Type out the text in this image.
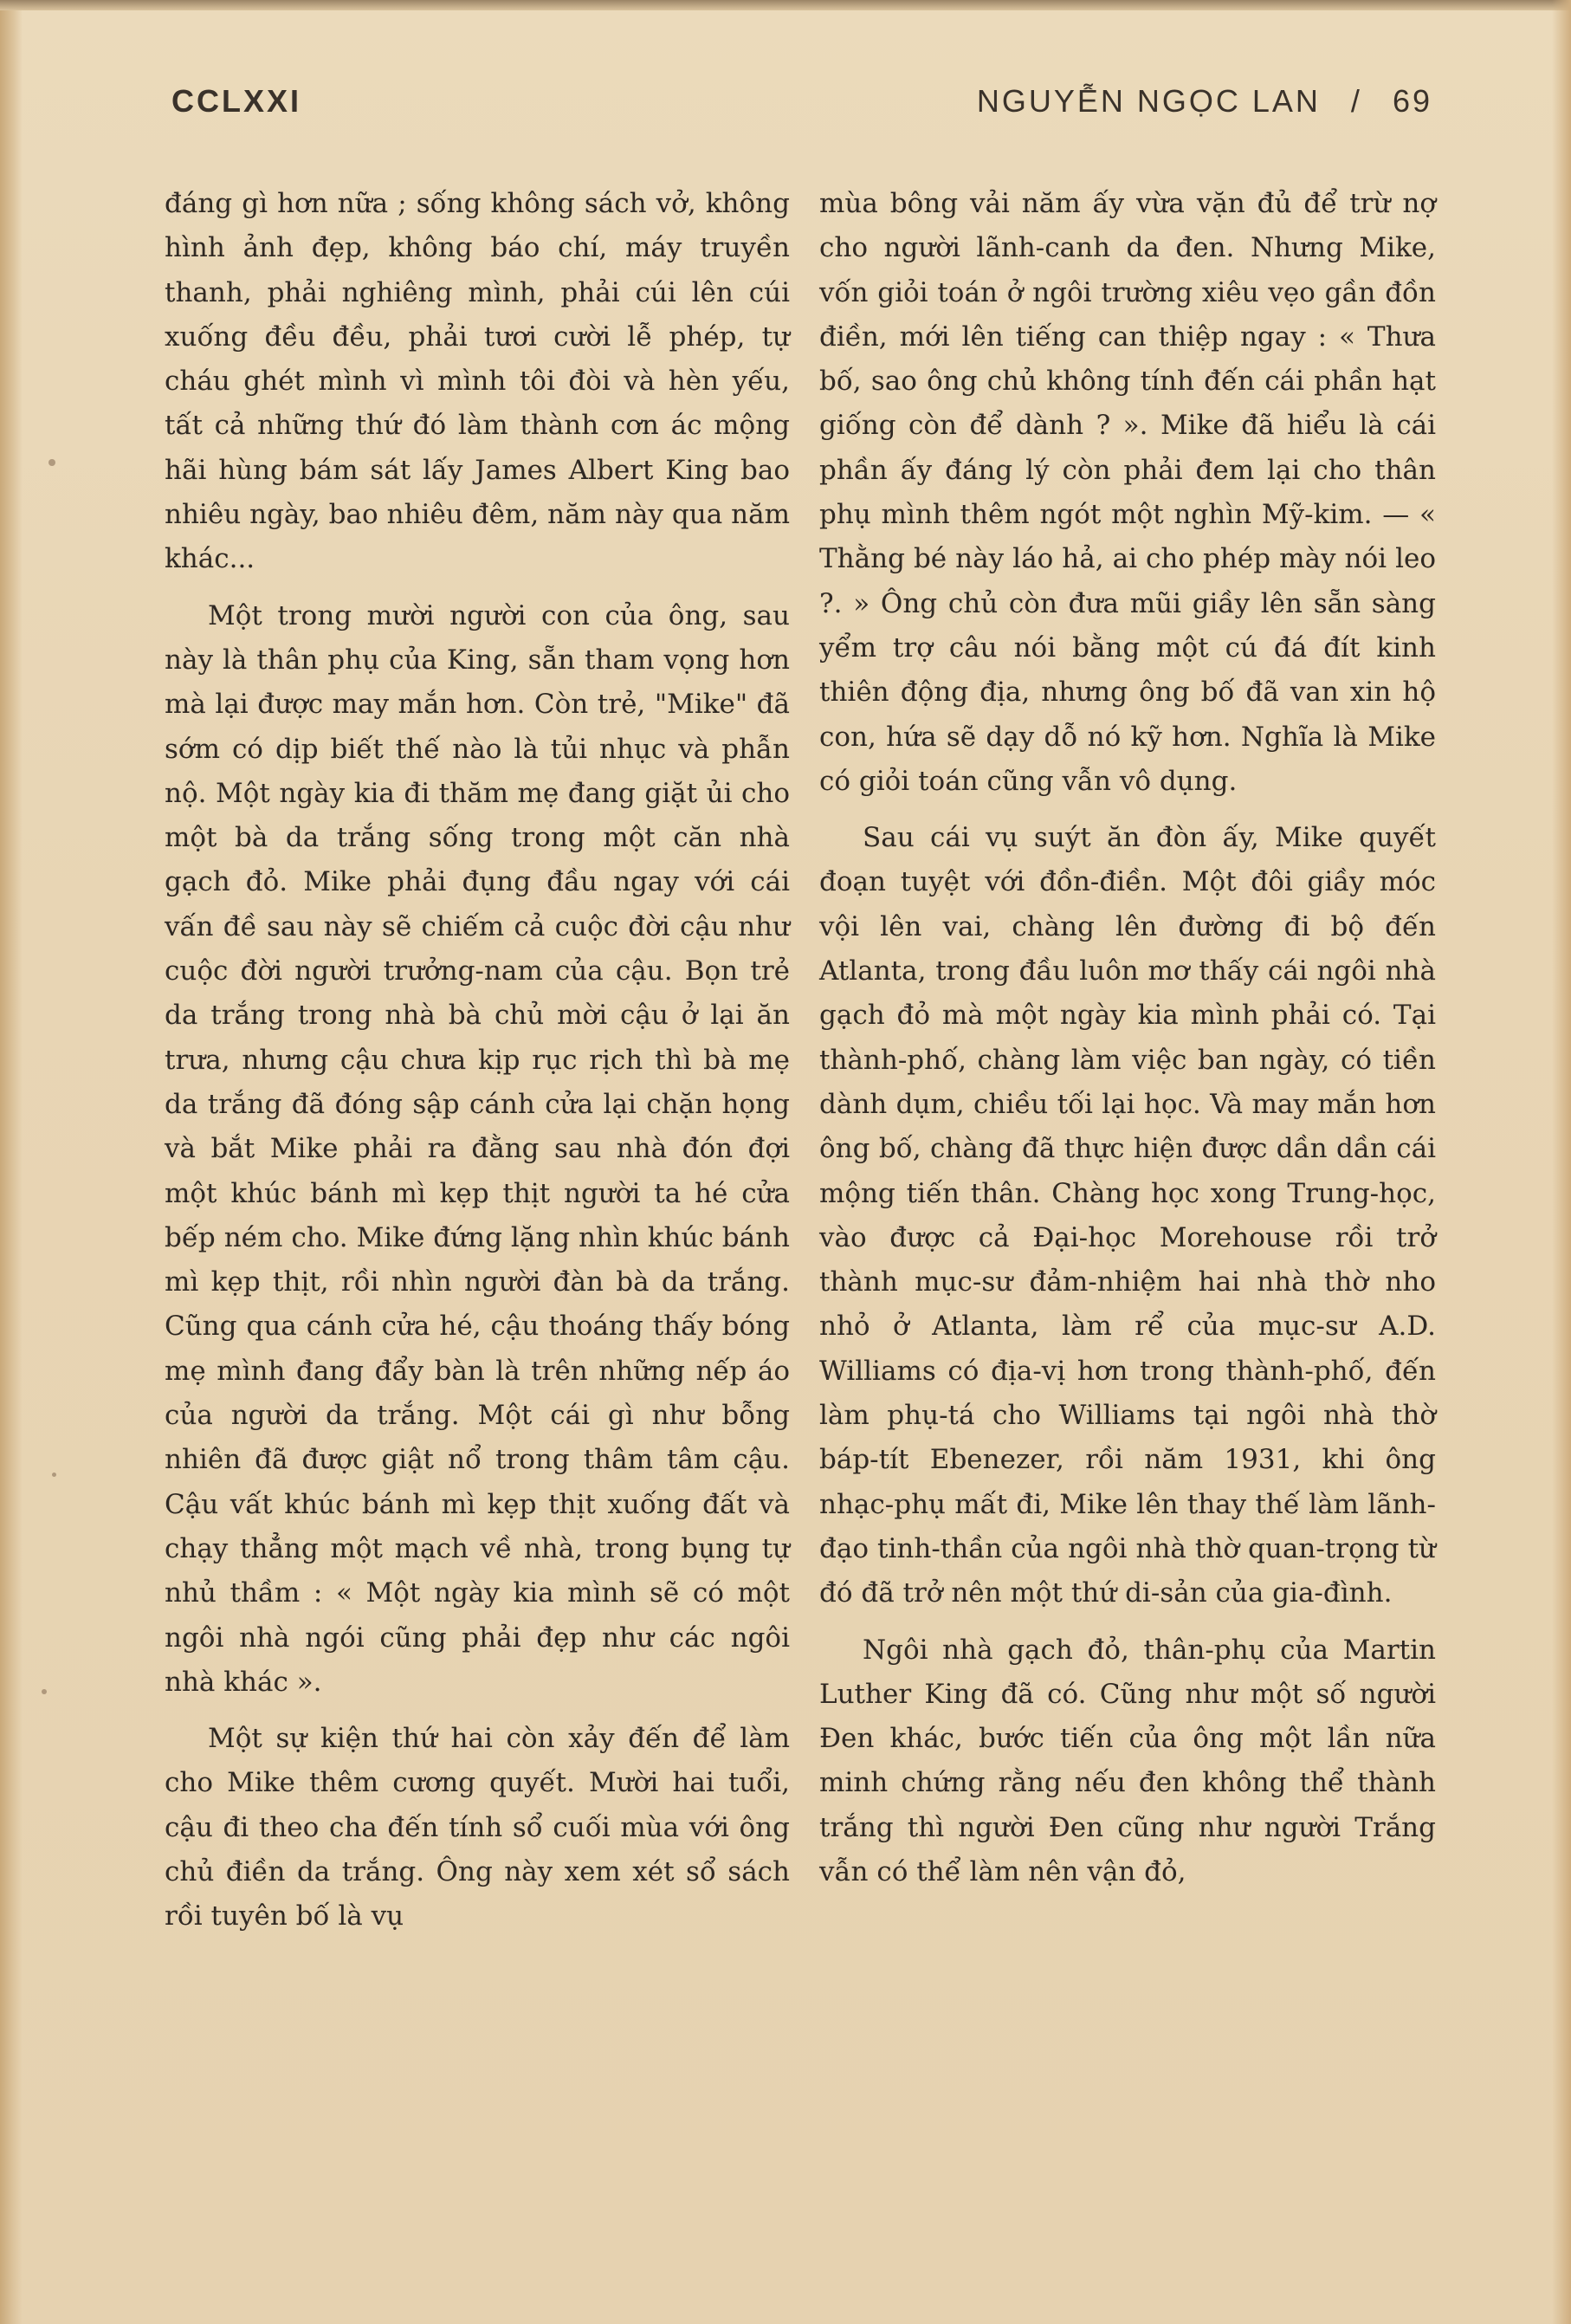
CCLXXI	NGUYỄN NGỌC LAN / 69

đáng gì hơn nữa ; sống không sách vở, không hình ảnh đẹp, không báo chí, máy truyền thanh, phải nghiêng mình, phải cúi lên cúi xuống đều đều, phải tươi cười lễ phép, tự cháu ghét mình vì mình tôi đòi và hèn yếu, tất cả những thứ đó làm thành cơn ác mộng hãi hùng bám sát lấy James Albert King bao nhiêu ngày, bao nhiêu đêm, năm này qua năm khác...

Một trong mười người con của ông, sau này là thân phụ của King, sẵn tham vọng hơn mà lại được may mắn hơn. Còn trẻ, "Mike" đã sớm có dịp biết thế nào là tủi nhục và phẫn nộ. Một ngày kia đi thăm mẹ đang giặt ủi cho một bà da trắng sống trong một căn nhà gạch đỏ. Mike phải đụng đầu ngay với cái vấn đề sau này sẽ chiếm cả cuộc đời cậu như cuộc đời người trưởng-nam của cậu. Bọn trẻ da trắng trong nhà bà chủ mời cậu ở lại ăn trưa, nhưng cậu chưa kịp rục rịch thì bà mẹ da trắng đã đóng sập cánh cửa lại chặn họng và bắt Mike phải ra đằng sau nhà đón đợi một khúc bánh mì kẹp thịt người ta hé cửa bếp ném cho. Mike đứng lặng nhìn khúc bánh mì kẹp thịt, rồi nhìn người đàn bà da trắng. Cũng qua cánh cửa hé, cậu thoáng thấy bóng mẹ mình đang đẩy bàn là trên những nếp áo của người da trắng. Một cái gì như bỗng nhiên đã được giật nổ trong thâm tâm cậu. Cậu vất khúc bánh mì kẹp thịt xuống đất và chạy thẳng một mạch về nhà, trong bụng tự nhủ thầm : « Một ngày kia mình sẽ có một ngôi nhà ngói cũng phải đẹp như các ngôi nhà khác ».

Một sự kiện thứ hai còn xảy đến để làm cho Mike thêm cương quyết. Mười hai tuổi, cậu đi theo cha đến tính sổ cuối mùa với ông chủ điền da trắng. Ông này xem xét sổ sách rồi tuyên bố là vụ

mùa bông vải năm ấy vừa vặn đủ để trừ nợ cho người lãnh-canh da đen. Nhưng Mike, vốn giỏi toán ở ngôi trường xiêu vẹo gần đồn điền, mới lên tiếng can thiệp ngay : « Thưa bố, sao ông chủ không tính đến cái phần hạt giống còn để dành ? ». Mike đã hiểu là cái phần ấy đáng lý còn phải đem lại cho thân phụ mình thêm ngót một nghìn Mỹ-kim. — « Thằng bé này láo hả, ai cho phép mày nói leo ?. » Ông chủ còn đưa mũi giầy lên sẵn sàng yểm trợ câu nói bằng một cú đá đít kinh thiên động địa, nhưng ông bố đã van xin hộ con, hứa sẽ dạy dỗ nó kỹ hơn. Nghĩa là Mike có giỏi toán cũng vẫn vô dụng.

Sau cái vụ suýt ăn đòn ấy, Mike quyết đoạn tuyệt với đồn-điền. Một đôi giầy móc vội lên vai, chàng lên đường đi bộ đến Atlanta, trong đầu luôn mơ thấy cái ngôi nhà gạch đỏ mà một ngày kia mình phải có. Tại thành-phố, chàng làm việc ban ngày, có tiền dành dụm, chiều tối lại học. Và may mắn hơn ông bố, chàng đã thực hiện được dần dần cái mộng tiến thân. Chàng học xong Trung-học, vào được cả Đại-học Morehouse rồi trở thành mục-sư đảm-nhiệm hai nhà thờ nho nhỏ ở Atlanta, làm rể của mục-sư A.D. Williams có địa-vị hơn trong thành-phố, đến làm phụ-tá cho Williams tại ngôi nhà thờ báp-tít Ebenezer, rồi năm 1931, khi ông nhạc-phụ mất đi, Mike lên thay thế làm lãnh-đạo tinh-thần của ngôi nhà thờ quan-trọng từ đó đã trở nên một thứ di-sản của gia-đình.

Ngôi nhà gạch đỏ, thân-phụ của Martin Luther King đã có. Cũng như một số người Đen khác, bước tiến của ông một lần nữa minh chứng rằng nếu đen không thể thành trắng thì người Đen cũng như người Trắng vẫn có thể làm nên vận đỏ,
